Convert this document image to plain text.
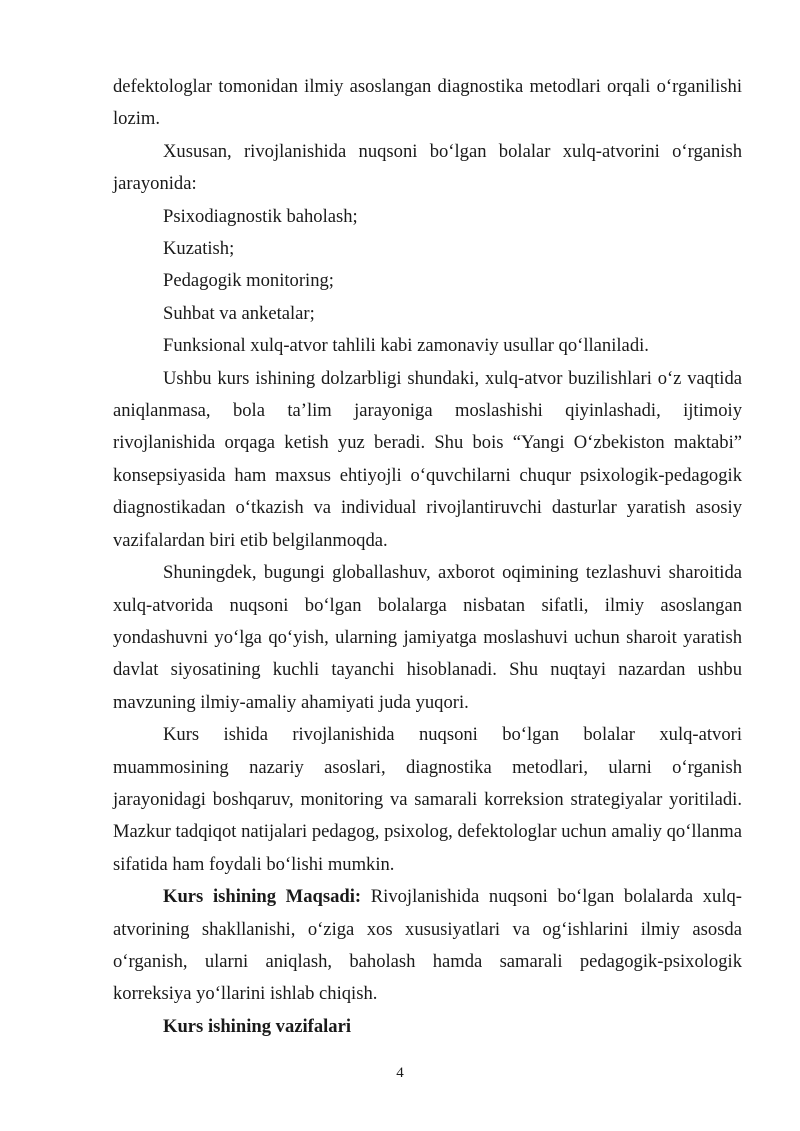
defektologlar tomonidan ilmiy asoslangan diagnostika metodlari orqali o‘rganilishi lozim.

Xususan, rivojlanishida nuqsoni bo‘lgan bolalar xulq-atvorini o‘rganish jarayonida:

Psixodiagnostik baholash;

Kuzatish;

Pedagogik monitoring;

Suhbat va anketalar;

Funksional xulq-atvor tahlili kabi zamonaviy usullar qo‘llaniladi.

Ushbu kurs ishining dolzarbligi shundaki, xulq-atvor buzilishlari o‘z vaqtida aniqlanmasa, bola ta’lim jarayoniga moslashishi qiyinlashadi, ijtimoiy rivojlanishida orqaga ketish yuz beradi. Shu bois “Yangi O‘zbekiston maktabi” konsepsiyasida ham maxsus ehtiyojli o‘quvchilarni chuqur psixologik-pedagogik diagnostikadan o‘tkazish va individual rivojlantiruvchi dasturlar yaratish asosiy vazifalardan biri etib belgilanmoqda.

Shuningdek, bugungi globallashuv, axborot oqimining tezlashuvi sharoitida xulq-atvorida nuqsoni bo‘lgan bolalarga nisbatan sifatli, ilmiy asoslangan yondashuvni yo‘lga qo‘yish, ularning jamiyatga moslashuvi uchun sharoit yaratish davlat siyosatining kuchli tayanchi hisoblanadi. Shu nuqtayi nazardan ushbu mavzuning ilmiy-amaliy ahamiyati juda yuqori.

Kurs ishida rivojlanishida nuqsoni bo‘lgan bolalar xulq-atvori muammosining nazariy asoslari, diagnostika metodlari, ularni o‘rganish jarayonidagi boshqaruv, monitoring va samarali korreksion strategiyalar yoritiladi. Mazkur tadqiqot natijalari pedagog, psixolog, defektologlar uchun amaliy qo‘llanma sifatida ham foydali bo‘lishi mumkin.

Kurs ishining Maqsadi: Rivojlanishida nuqsoni bo‘lgan bolalarda xulq-atvorining shakllanishi, o‘ziga xos xususiyatlari va og‘ishlarini ilmiy asosda o‘rganish, ularni aniqlash, baholash hamda samarali pedagogik-psixologik korreksiya yo‘llarini ishlab chiqish.

Kurs ishining vazifalari

4
